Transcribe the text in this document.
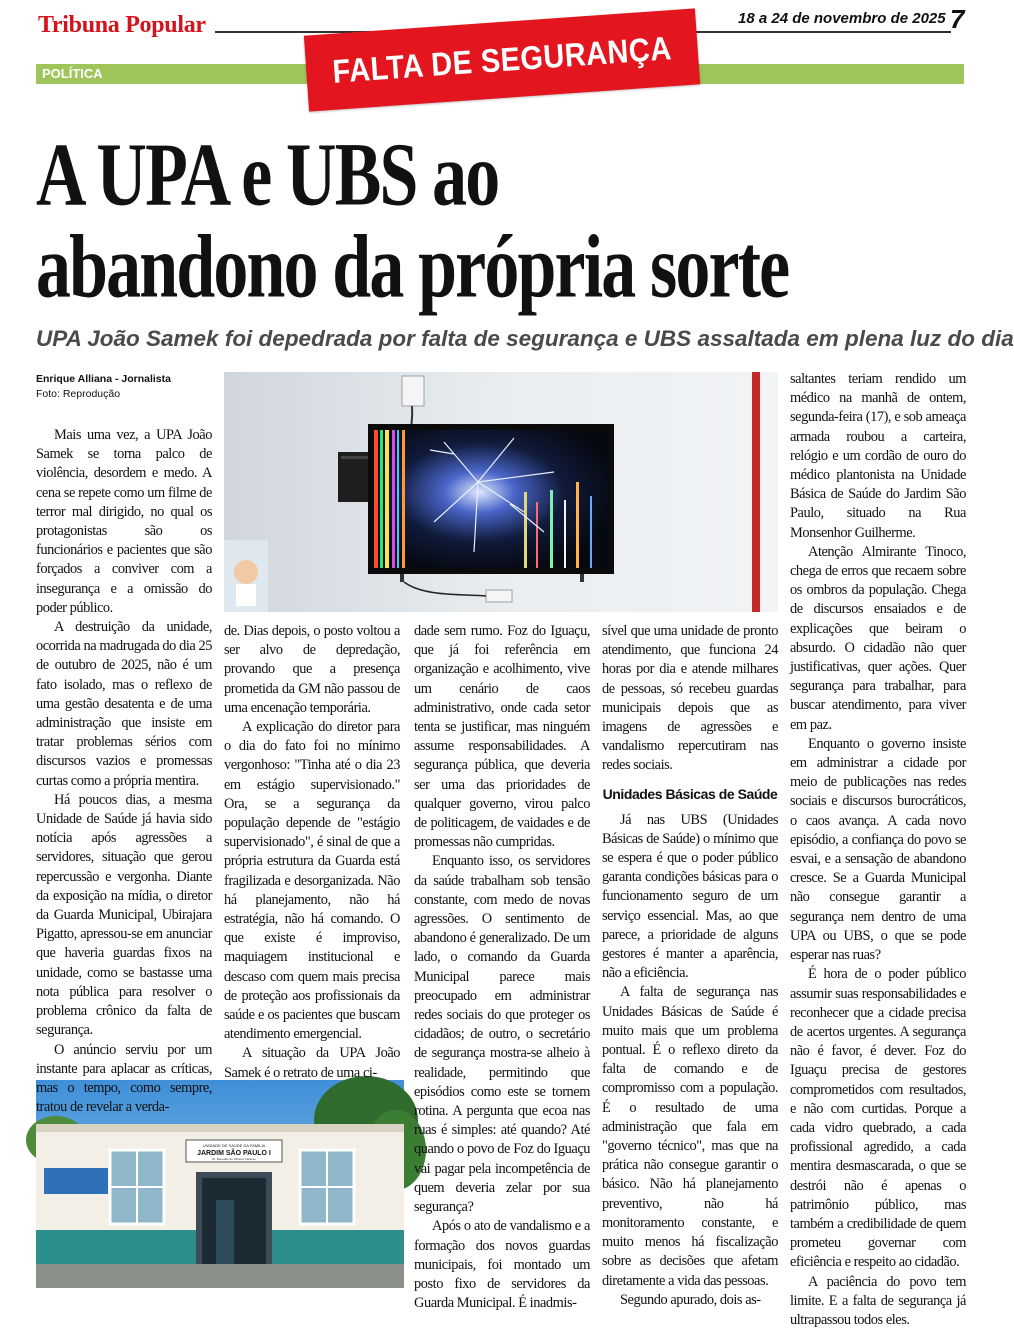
Tribuna Popular	18 a 24 de novembro de 2025 7
POLÍTICA	FALTA DE SEGURANÇA
A UPA e UBS ao
abandono da própria sorte
UPA João Samek foi depedrada por falta de segurança e UBS assaltada em plena luz do dia
Enrique Alliana - Jornalista
Foto: Reprodução
UNIDADE DE SAÚDE DA FAMÍLIA
JARDIM SÃO PAULO I
Dr. Benedito de Oliveira Cardoso

Mais uma vez, a UPA João Samek se torna palco de violência, desordem e medo. A cena se repete como um filme de terror mal dirigido, no qual os protagonistas são os funcionários e pacientes que são forçados a conviver com a insegurança e a omissão do poder público.

A destruição da unidade, ocorrida na madrugada do dia 25 de outubro de 2025, não é um fato isolado, mas o reflexo de uma gestão desatenta e de uma administração que insiste em tratar problemas sérios com discursos vazios e promessas curtas como a própria mentira.

Há poucos dias, a mesma Unidade de Saúde já havia sido notícia após agressões a servidores, situação que gerou repercussão e vergonha. Diante da exposição na mídia, o diretor da Guarda Municipal, Ubirajara Pigatto, apressou-se em anunciar que haveria guardas fixos na unidade, como se bastasse uma nota pública para resolver o problema crônico da falta de segurança.

O anúncio serviu por um instante para aplacar as críticas, mas o tempo, como sempre, tratou de revelar a verda-

de. Dias depois, o posto voltou a ser alvo de depredação, provando que a presença prometida da GM não passou de uma encenação temporária.

A explicação do diretor para o dia do fato foi no mínimo vergonhoso: "Tinha até o dia 23 em estágio supervisionado." Ora, se a segurança da população depende de "estágio supervisionado", é sinal de que a própria estrutura da Guarda está fragilizada e desorganizada. Não há planejamento, não há estratégia, não há comando. O que existe é improviso, maquiagem institucional e descaso com quem mais precisa de proteção aos profissionais da saúde e os pacientes que buscam atendimento emergencial.

A situação da UPA João Samek é o retrato de uma ci-

dade sem rumo. Foz do Iguaçu, que já foi referência em organização e acolhimento, vive um cenário de caos administrativo, onde cada setor tenta se justificar, mas ninguém assume responsabilidades. A segurança pública, que deveria ser uma das prioridades de qualquer governo, virou palco de politicagem, de vaidades e de promessas não cumpridas.

Enquanto isso, os servidores da saúde trabalham sob tensão constante, com medo de novas agressões. O sentimento de abandono é generalizado. De um lado, o comando da Guarda Municipal parece mais preocupado em administrar redes sociais do que proteger os cidadãos; de outro, o secretário de segurança mostra-se alheio à realidade, permitindo que episódios como este se tornem rotina. A pergunta que ecoa nas ruas é simples: até quando? Até quando o povo de Foz do Iguaçu vai pagar pela incompetência de quem deveria zelar por sua segurança?

Após o ato de vandalismo e a formação dos novos guardas municipais, foi montado um posto fixo de servidores da Guarda Municipal. É inadmis-

sível que uma unidade de pronto atendimento, que funciona 24 horas por dia e atende milhares de pessoas, só recebeu guardas municipais depois que as imagens de agressões e vandalismo repercutiram nas redes sociais.

Unidades Básicas de Saúde

Já nas UBS (Unidades Básicas de Saúde) o mínimo que se espera é que o poder público garanta condições básicas para o funcionamento seguro de um serviço essencial. Mas, ao que parece, a prioridade de alguns gestores é manter a aparência, não a eficiência.

A falta de segurança nas Unidades Básicas de Saúde é muito mais que um problema pontual. É o reflexo direto da falta de comando e de compromisso com a população. É o resultado de uma administração que fala em "governo técnico", mas que na prática não consegue garantir o básico. Não há planejamento preventivo, não há monitoramento constante, e muito menos há fiscalização sobre as decisões que afetam diretamente a vida das pessoas.

Segundo apurado, dois as-

saltantes teriam rendido um médico na manhã de ontem, segunda-feira (17), e sob ameaça armada roubou a carteira, relógio e um cordão de ouro do médico plantonista na Unidade Básica de Saúde do Jardim São Paulo, situado na Rua Monsenhor Guilherme.

Atenção Almirante Tinoco, chega de erros que recaem sobre os ombros da população. Chega de discursos ensaiados e de explicações que beiram o absurdo. O cidadão não quer justificativas, quer ações. Quer segurança para trabalhar, para buscar atendimento, para viver em paz.

Enquanto o governo insiste em administrar a cidade por meio de publicações nas redes sociais e discursos burocráticos, o caos avança. A cada novo episódio, a confiança do povo se esvai, e a sensação de abandono cresce. Se a Guarda Municipal não consegue garantir a segurança nem dentro de uma UPA ou UBS, o que se pode esperar nas ruas?

É hora de o poder público assumir suas responsabilidades e reconhecer que a cidade precisa de acertos urgentes. A segurança não é favor, é dever. Foz do Iguaçu precisa de gestores comprometidos com resultados, e não com curtidas. Porque a cada vidro quebrado, a cada profissional agredido, a cada mentira desmascarada, o que se destrói não é apenas o patrimônio público, mas também a credibilidade de quem prometeu governar com eficiência e respeito ao cidadão.

A paciência do povo tem limite. E a falta de segurança já ultrapassou todos eles.
